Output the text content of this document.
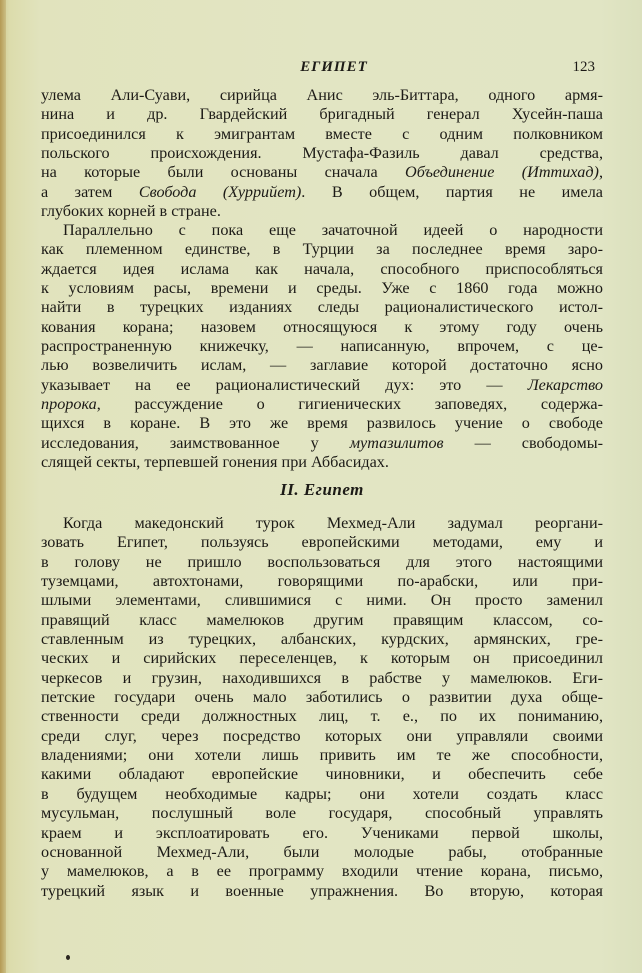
ЕГИПЕТ	123
улема Али-Суави, сирийца Анис эль-Биттара, одного армя-
нина и др. Гвардейский бригадный генерал Хусейн-паша
присоединился к эмигрантам вместе с одним полковником
польского происхождения. Мустафа-Фазиль давал средства,
на которые были основаны сначала Объединение (Иттихад),
а затем Свобода (Хуррийет). В общем, партия не имела
глубоких корней в стране.
Параллельно с пока еще зачаточной идеей о народности
как племенном единстве, в Турции за последнее время заро-
ждается идея ислама как начала, способного приспособляться
к условиям расы, времени и среды. Уже с 1860 года можно
найти в турецких изданиях следы рационалистического истол-
кования корана; назовем относящуюся к этому году очень
распространенную книжечку, — написанную, впрочем, с це-
лью возвеличить ислам, — заглавие которой достаточно ясно
указывает на ее рационалистический дух: это — Лекарство
пророка, рассуждение о гигиенических заповедях, содержа-
щихся в коране. В это же время развилось учение о свободе
исследования, заимствованное у мутазилитов — свободомы-
слящей секты, терпевшей гонения при Аббасидах.
II. Египет
Когда македонский турок Мехмед-Али задумал реоргани-
зовать Египет, пользуясь европейскими методами, ему и
в голову не пришло воспользоваться для этого настоящими
туземцами, автохтонами, говорящими по-арабски, или при-
шлыми элементами, слившимися с ними. Он просто заменил
правящий класс мамелюков другим правящим классом, со-
ставленным из турецких, албанских, курдских, армянских, гре-
ческих и сирийских переселенцев, к которым он присоединил
черкесов и грузин, находившихся в рабстве у мамелюков. Еги-
петские государи очень мало заботились о развитии духа обще-
ственности среди должностных лиц, т. е., по их пониманию,
среди слуг, через посредство которых они управляли своими
владениями; они хотели лишь привить им те же способности,
какими обладают европейские чиновники, и обеспечить себе
в будущем необходимые кадры; они хотели создать класс
мусульман, послушный воле государя, способный управлять
краем и эксплоатировать его. Учениками первой школы,
основанной Мехмед-Али, были молодые рабы, отобранные
у мамелюков, а в ее программу входили чтение корана, письмо,
турецкий язык и военные упражнения. Во вторую, которая
